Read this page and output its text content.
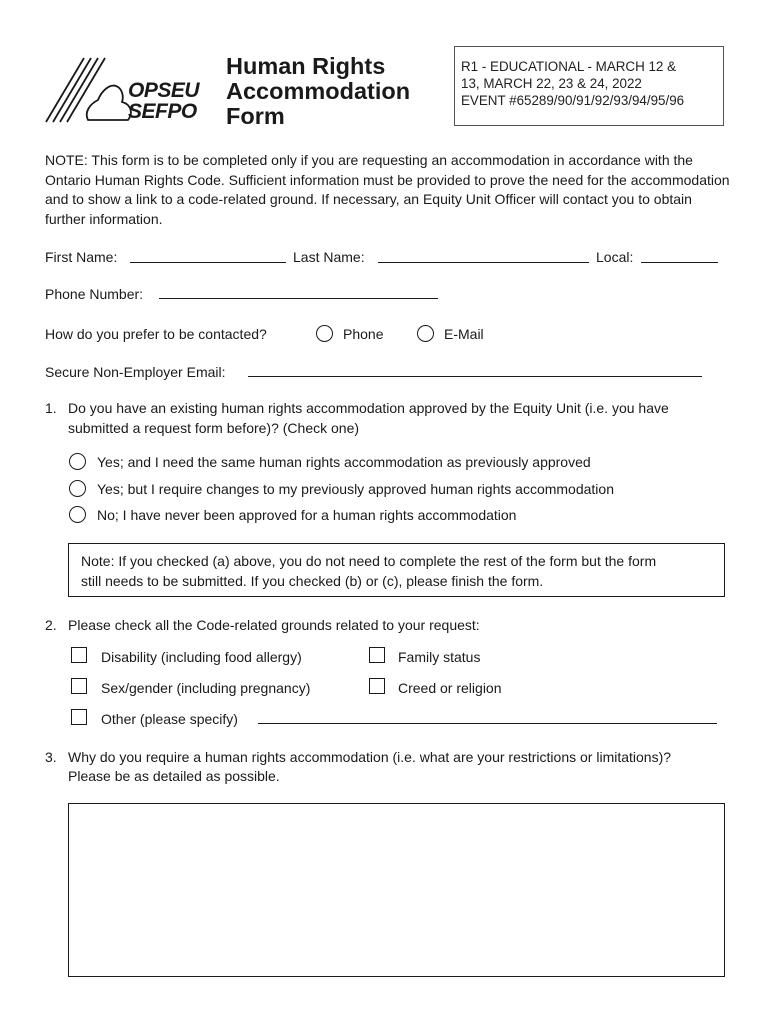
OPSEU
SEFPO
Human Rights
Accommodation
Form
R1 - EDUCATIONAL - MARCH 12 &
13, MARCH 22, 23 & 24, 2022
EVENT #65289/90/91/92/93/94/95/96
NOTE: This form is to be completed only if you are requesting an accommodation in accordance with the Ontario Human Rights Code. Sufficient information must be provided to prove the need for the accommodation and to show a link to a code-related ground. If necessary, an Equity Unit Officer will contact you to obtain further information.
First Name:	Last Name:	Local:
Phone Number:
How do you prefer to be contacted?	Phone	E-Mail
Secure Non-Employer Email:
1. Do you have an existing human rights accommodation approved by the Equity Unit (i.e. you have
submitted a request form before)? (Check one)
Yes; and I need the same human rights accommodation as previously approved
Yes; but I require changes to my previously approved human rights accommodation
No; I have never been approved for a human rights accommodation
Note: If you checked (a) above, you do not need to complete the rest of the form but the form
still needs to be submitted. If you checked (b) or (c), please finish the form.
2. Please check all the Code-related grounds related to your request:
Disability (including food allergy)	Family status
Sex/gender (including pregnancy)	Creed or religion
Other (please specify)
3. Why do you require a human rights accommodation (i.e. what are your restrictions or limitations)?
Please be as detailed as possible.
